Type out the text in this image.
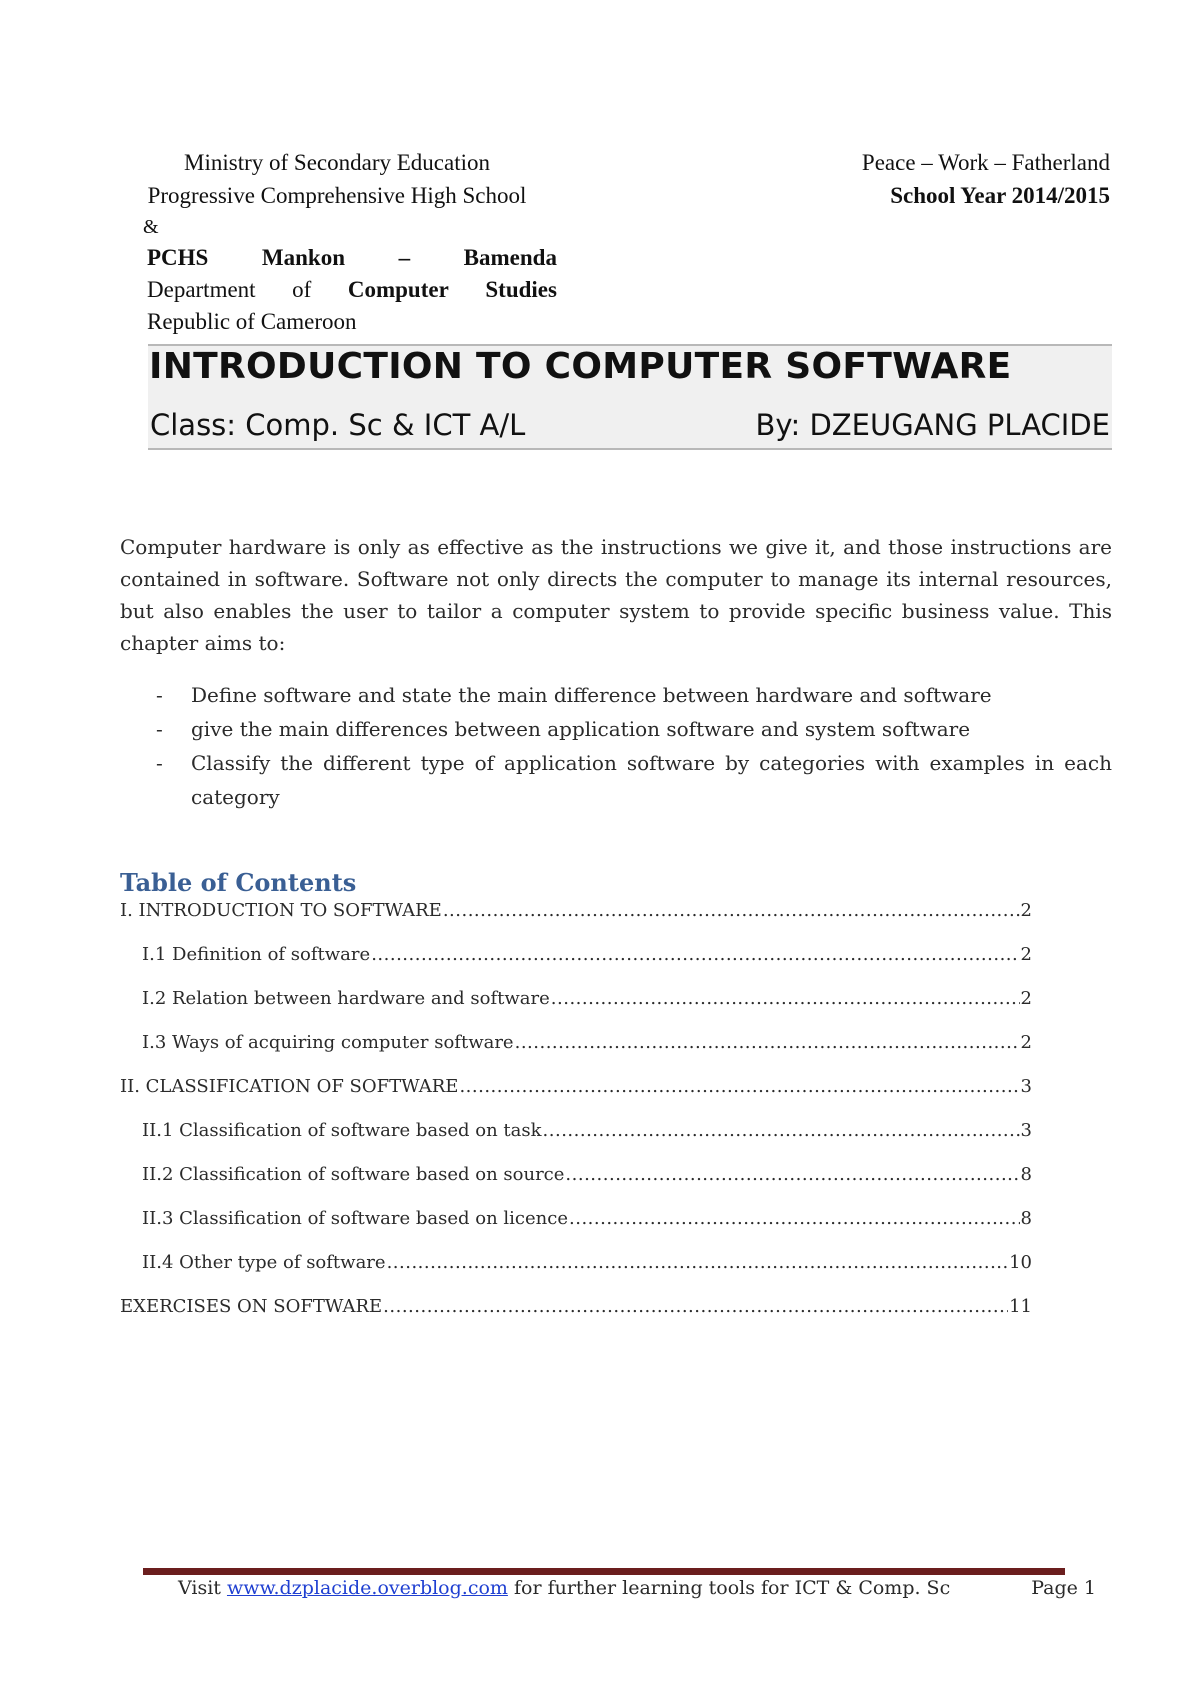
Ministry of Secondary Education
Progressive Comprehensive High School
&
PCHS Mankon – Bamenda
Department of Computer Studies
Republic of Cameroon
Peace – Work – Fatherland
School Year 2014/2015
INTRODUCTION TO COMPUTER SOFTWARE
Class: Comp. Sc & ICT A/L	By: DZEUGANG PLACIDE
Computer hardware is only as effective as the instructions we give it, and those instructions are contained in software. Software not only directs the computer to manage its internal resources, but also enables the user to tailor a computer system to provide specific business value. This chapter aims to:
- Define software and state the main difference between hardware and software
- give the main differences between application software and system software
- Classify the different type of application software by categories with examples in each category
Table of Contents
I. INTRODUCTION TO SOFTWARE .....	2
I.1 Definition of software .....	2
I.2 Relation between hardware and software .....	2
I.3 Ways of acquiring computer software .....	2
II. CLASSIFICATION OF SOFTWARE .....	3
II.1 Classification of software based on task .....	3
II.2 Classification of software based on source .....	8
II.3 Classification of software based on licence .....	8
II.4 Other type of software .....	10
EXERCISES ON SOFTWARE .....	11
Visit www.dzplacide.overblog.com for further learning tools for ICT & Comp. Sc	Page 1
